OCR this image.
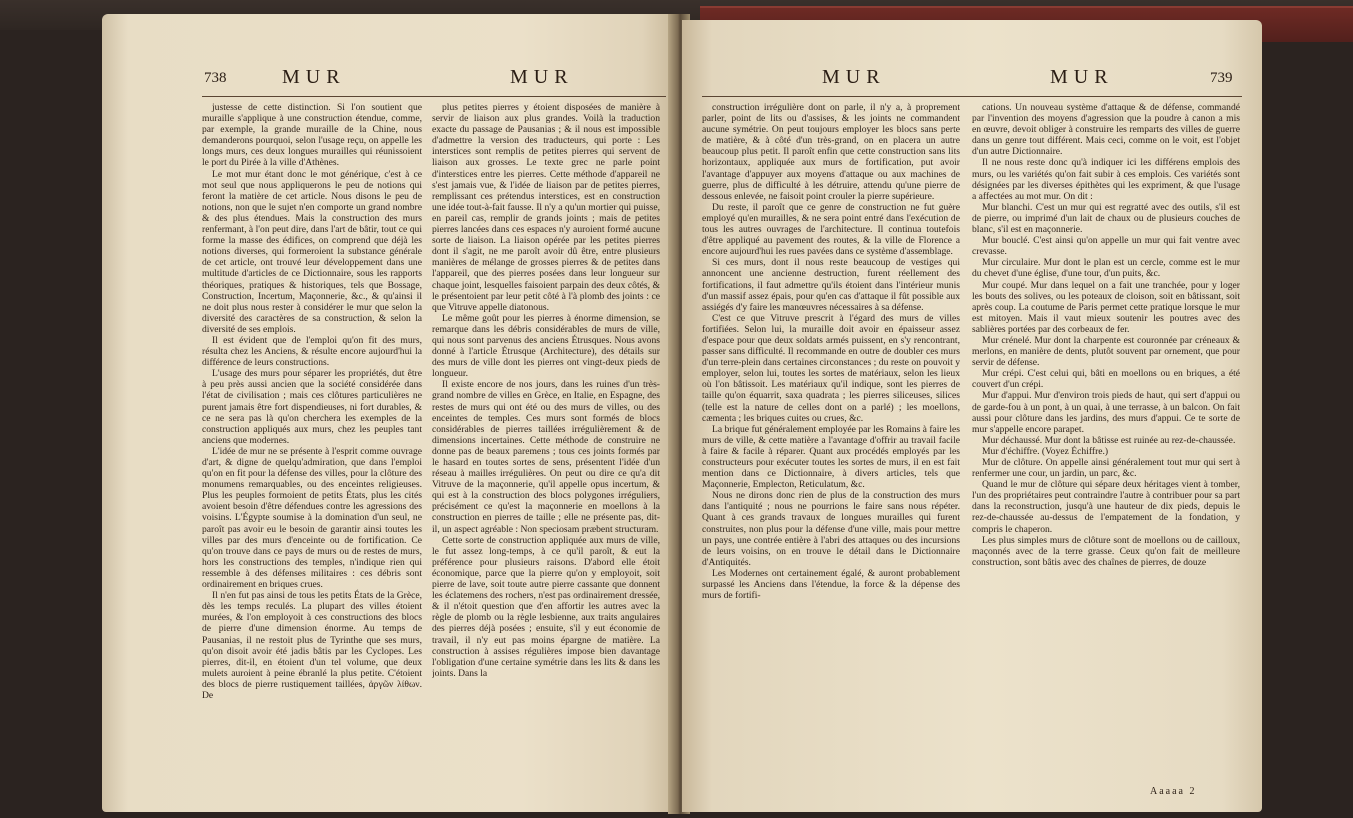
738	MUR	MUR

justesse de cette distinction. Si l'on soutient que muraille s'applique à une construction étendue, comme, par exemple, la grande muraille de la Chine, nous demanderons pourquoi, selon l'usage reçu, on appelle les longs murs, ces deux longues murailles qui réunissoient le port du Pirée à la ville d'Athènes.

Le mot mur étant donc le mot générique, c'est à ce mot seul que nous appliquerons le peu de notions qui feront la matière de cet article. Nous disons le peu de notions, non que le sujet n'en comporte un grand nombre & des plus étendues. Mais la construction des murs renfermant, à l'on peut dire, dans l'art de bâtir, tout ce qui forme la masse des édifices, on comprend que déjà les notions diverses, qui formeroient la substance générale de cet article, ont trouvé leur développement dans une multitude d'articles de ce Dictionnaire, sous les rapports théoriques, pratiques & historiques, tels que Bossage, Construction, Incertum, Maçonnerie, &c., & qu'ainsi il ne doit plus nous rester à considérer le mur que selon la diversité des caractères de sa construction, & selon la diversité de ses emplois.

Il est évident que de l'emploi qu'on fit des murs, résulta chez les Anciens, & résulte encore aujourd'hui la différence de leurs constructions.

L'usage des murs pour séparer les propriétés, dut être à peu près aussi ancien que la société considérée dans l'état de civilisation ; mais ces clôtures particulières ne purent jamais être fort dispendieuses, ni fort durables, & ce ne sera pas là qu'on cherchera les exemples de la construction appliqués aux murs, chez les peuples tant anciens que modernes.

L'idée de mur ne se présente à l'esprit comme ouvrage d'art, & digne de quelqu'admiration, que dans l'emploi qu'on en fit pour la défense des villes, pour la clôture des monumens remarquables, ou des enceintes religieuses. Plus les peuples formoient de petits États, plus les cités avoient besoin d'être défendues contre les agressions des voisins. L'Égypte soumise à la domination d'un seul, ne paroît pas avoir eu le besoin de garantir ainsi toutes les villes par des murs d'enceinte ou de fortification. Ce qu'on trouve dans ce pays de murs ou de restes de murs, hors les constructions des temples, n'indique rien qui ressemble à des défenses militaires : ces débris sont ordinairement en briques crues.

Il n'en fut pas ainsi de tous les petits États de la Grèce, dès les temps reculés. La plupart des villes étoient murées, & l'on employoit à ces constructions des blocs de pierre d'une dimension énorme. Au temps de Pausanias, il ne restoit plus de Tyrinthe que ses murs, qu'on disoit avoir été jadis bâtis par les Cyclopes. Les pierres, dit-il, en étoient d'un tel volume, que deux mulets auroient à peine ébranlé la plus petite. C'étoient des blocs de pierre rustiquement taillées, ἀργῶν λίθων. De

plus petites pierres y étoient disposées de manière à servir de liaison aux plus grandes. Voilà la traduction exacte du passage de Pausanias ; & il nous est impossible d'admettre la version des traducteurs, qui porte : Les interstices sont remplis de petites pierres qui servent de liaison aux grosses. Le texte grec ne parle point d'interstices entre les pierres. Cette méthode d'appareil ne s'est jamais vue, & l'idée de liaison par de petites pierres, remplissant ces prétendus interstices, est en construction une idée tout-à-fait fausse. Il n'y a qu'un mortier qui puisse, en pareil cas, remplir de grands joints ; mais de petites pierres lancées dans ces espaces n'y auroient formé aucune sorte de liaison. La liaison opérée par les petites pierres dont il s'agit, ne me paroît avoir dû être, entre plusieurs manières de mélange de grosses pierres & de petites dans l'appareil, que des pierres posées dans leur longueur sur chaque joint, lesquelles faisoient parpain des deux côtés, & le présentoient par leur petit côté à l'à plomb des joints : ce que Vitruve appelle diatonous.

Le même goût pour les pierres à énorme dimension, se remarque dans les débris considérables de murs de ville, qui nous sont parvenus des anciens Étrusques. Nous avons donné à l'article Étrusque (Architecture), des détails sur des murs de ville dont les pierres ont vingt-deux pieds de longueur.

Il existe encore de nos jours, dans les ruines d'un très-grand nombre de villes en Grèce, en Italie, en Espagne, des restes de murs qui ont été ou des murs de villes, ou des enceintes de temples. Ces murs sont formés de blocs considérables de pierres taillées irrégulièrement & de dimensions incertaines. Cette méthode de construire ne donne pas de beaux paremens ; tous ces joints formés par le hasard en toutes sortes de sens, présentent l'idée d'un réseau à mailles irrégulières. On peut ou dire ce qu'a dit Vitruve de la maçonnerie, qu'il appelle opus incertum, & qui est à la construction des blocs polygones irréguliers, précisément ce qu'est la maçonnerie en moellons à la construction en pierres de taille ; elle ne présente pas, dit-il, un aspect agréable : Non speciosam præbent structuram.

Cette sorte de construction appliquée aux murs de ville, le fut assez long-temps, à ce qu'il paroît, & eut la préférence pour plusieurs raisons. D'abord elle étoit économique, parce que la pierre qu'on y employoit, soit pierre de lave, soit toute autre pierre cassante que donnent les éclatemens des rochers, n'est pas ordinairement dressée, & il n'étoit question que d'en affortir les autres avec la règle de plomb ou la règle lesbienne, aux traits angulaires des pierres déjà posées ; ensuite, s'il y eut économie de travail, il n'y eut pas moins épargne de matière. La construction à assises régulières impose bien davantage l'obligation d'une certaine symétrie dans les lits & dans les joints. Dans la

MUR	MUR	739

construction irrégulière dont on parle, il n'y a, à proprement parler, point de lits ou d'assises, & les joints ne commandent aucune symétrie. On peut toujours employer les blocs sans perte de matière, & à côté d'un très-grand, on en placera un autre beaucoup plus petit. Il paroît enfin que cette construction sans lits horizontaux, appliquée aux murs de fortification, put avoir l'avantage d'appuyer aux moyens d'attaque ou aux machines de guerre, plus de difficulté à les détruire, attendu qu'une pierre de dessous enlevée, ne faisoit point crouler la pierre supérieure.

Du reste, il paroît que ce genre de construction ne fut guère employé qu'en murailles, & ne sera point entré dans l'exécution de tous les autres ouvrages de l'architecture. Il continua toutefois d'être appliqué au pavement des routes, & la ville de Florence a encore aujourd'hui les rues pavées dans ce système d'assemblage.

Si ces murs, dont il nous reste beaucoup de vestiges qui annoncent une ancienne destruction, furent réellement des fortifications, il faut admettre qu'ils étoient dans l'intérieur munis d'un massif assez épais, pour qu'en cas d'attaque il fût possible aux assiégés d'y faire les manœuvres nécessaires à sa défense.

C'est ce que Vitruve prescrit à l'égard des murs de villes fortifiées. Selon lui, la muraille doit avoir en épaisseur assez d'espace pour que deux soldats armés puissent, en s'y rencontrant, passer sans difficulté. Il recommande en outre de doubler ces murs d'un terre-plein dans certaines circonstances ; du reste on pouvoit y employer, selon lui, toutes les sortes de matériaux, selon les lieux où l'on bâtissoit. Les matériaux qu'il indique, sont les pierres de taille qu'on équarrit, saxa quadrata ; les pierres siliceuses, silices (telle est la nature de celles dont on a parlé) ; les moellons, cæmenta ; les briques cuites ou crues, &c.

La brique fut généralement employée par les Romains à faire les murs de ville, & cette matière a l'avantage d'offrir au travail facile à faire & facile à réparer. Quant aux procédés employés par les constructeurs pour exécuter toutes les sortes de murs, il en est fait mention dans ce Dictionnaire, à divers articles, tels que Maçonnerie, Emplecton, Reticulatum, &c.

Nous ne dirons donc rien de plus de la construction des murs dans l'antiquité ; nous ne pourrions le faire sans nous répéter. Quant à ces grands travaux de longues murailles qui furent construites, non plus pour la défense d'une ville, mais pour mettre un pays, une contrée entière à l'abri des attaques ou des incursions de leurs voisins, on en trouve le détail dans le Dictionnaire d'Antiquités.

Les Modernes ont certainement égalé, & auront probablement surpassé les Anciens dans l'étendue, la force & la dépense des murs de fortifi-

cations. Un nouveau système d'attaque & de défense, commandé par l'invention des moyens d'agression que la poudre à canon a mis en œuvre, devoit obliger à construire les remparts des villes de guerre dans un genre tout différent. Mais ceci, comme on le voit, est l'objet d'un autre Dictionnaire.

Il ne nous reste donc qu'à indiquer ici les différens emplois des murs, ou les variétés qu'on fait subir à ces emplois. Ces variétés sont désignées par les diverses épithètes qui les expriment, & que l'usage a affectées au mot mur. On dit :

Mur blanchi. C'est un mur qui est regratté avec des outils, s'il est de pierre, ou imprimé d'un lait de chaux ou de plusieurs couches de blanc, s'il est en maçonnerie.

Mur bouclé. C'est ainsi qu'on appelle un mur qui fait ventre avec crevasse.

Mur circulaire. Mur dont le plan est un cercle, comme est le mur du chevet d'une église, d'une tour, d'un puits, &c.

Mur coupé. Mur dans lequel on a fait une tranchée, pour y loger les bouts des solives, ou les poteaux de cloison, soit en bâtissant, soit après coup. La coutume de Paris permet cette pratique lorsque le mur est mitoyen. Mais il vaut mieux soutenir les poutres avec des sablières portées par des corbeaux de fer.

Mur crénelé. Mur dont la charpente est couronnée par créneaux & merlons, en manière de dents, plutôt souvent par ornement, que pour servir de défense.

Mur crépi. C'est celui qui, bâti en moellons ou en briques, a été couvert d'un crépi.

Mur d'appui. Mur d'environ trois pieds de haut, qui sert d'appui ou de garde-fou à un pont, à un quai, à une terrasse, à un balcon. On fait aussi pour clôture dans les jardins, des murs d'appui. Ce te sorte de mur s'appelle encore parapet.

Mur déchaussé. Mur dont la bâtisse est ruinée au rez-de-chaussée.

Mur d'échiffre. (Voyez Échiffre.)

Mur de clôture. On appelle ainsi généralement tout mur qui sert à renfermer une cour, un jardin, un parc, &c.

Quand le mur de clôture qui sépare deux héritages vient à tomber, l'un des propriétaires peut contraindre l'autre à contribuer pour sa part dans la reconstruction, jusqu'à une hauteur de dix pieds, depuis le rez-de-chaussée au-dessus de l'empatement de la fondation, y compris le chaperon.

Les plus simples murs de clôture sont de moellons ou de cailloux, maçonnés avec de la terre grasse. Ceux qu'on fait de meilleure construction, sont bâtis avec des chaînes de pierres, de douze

Aaaaa 2
